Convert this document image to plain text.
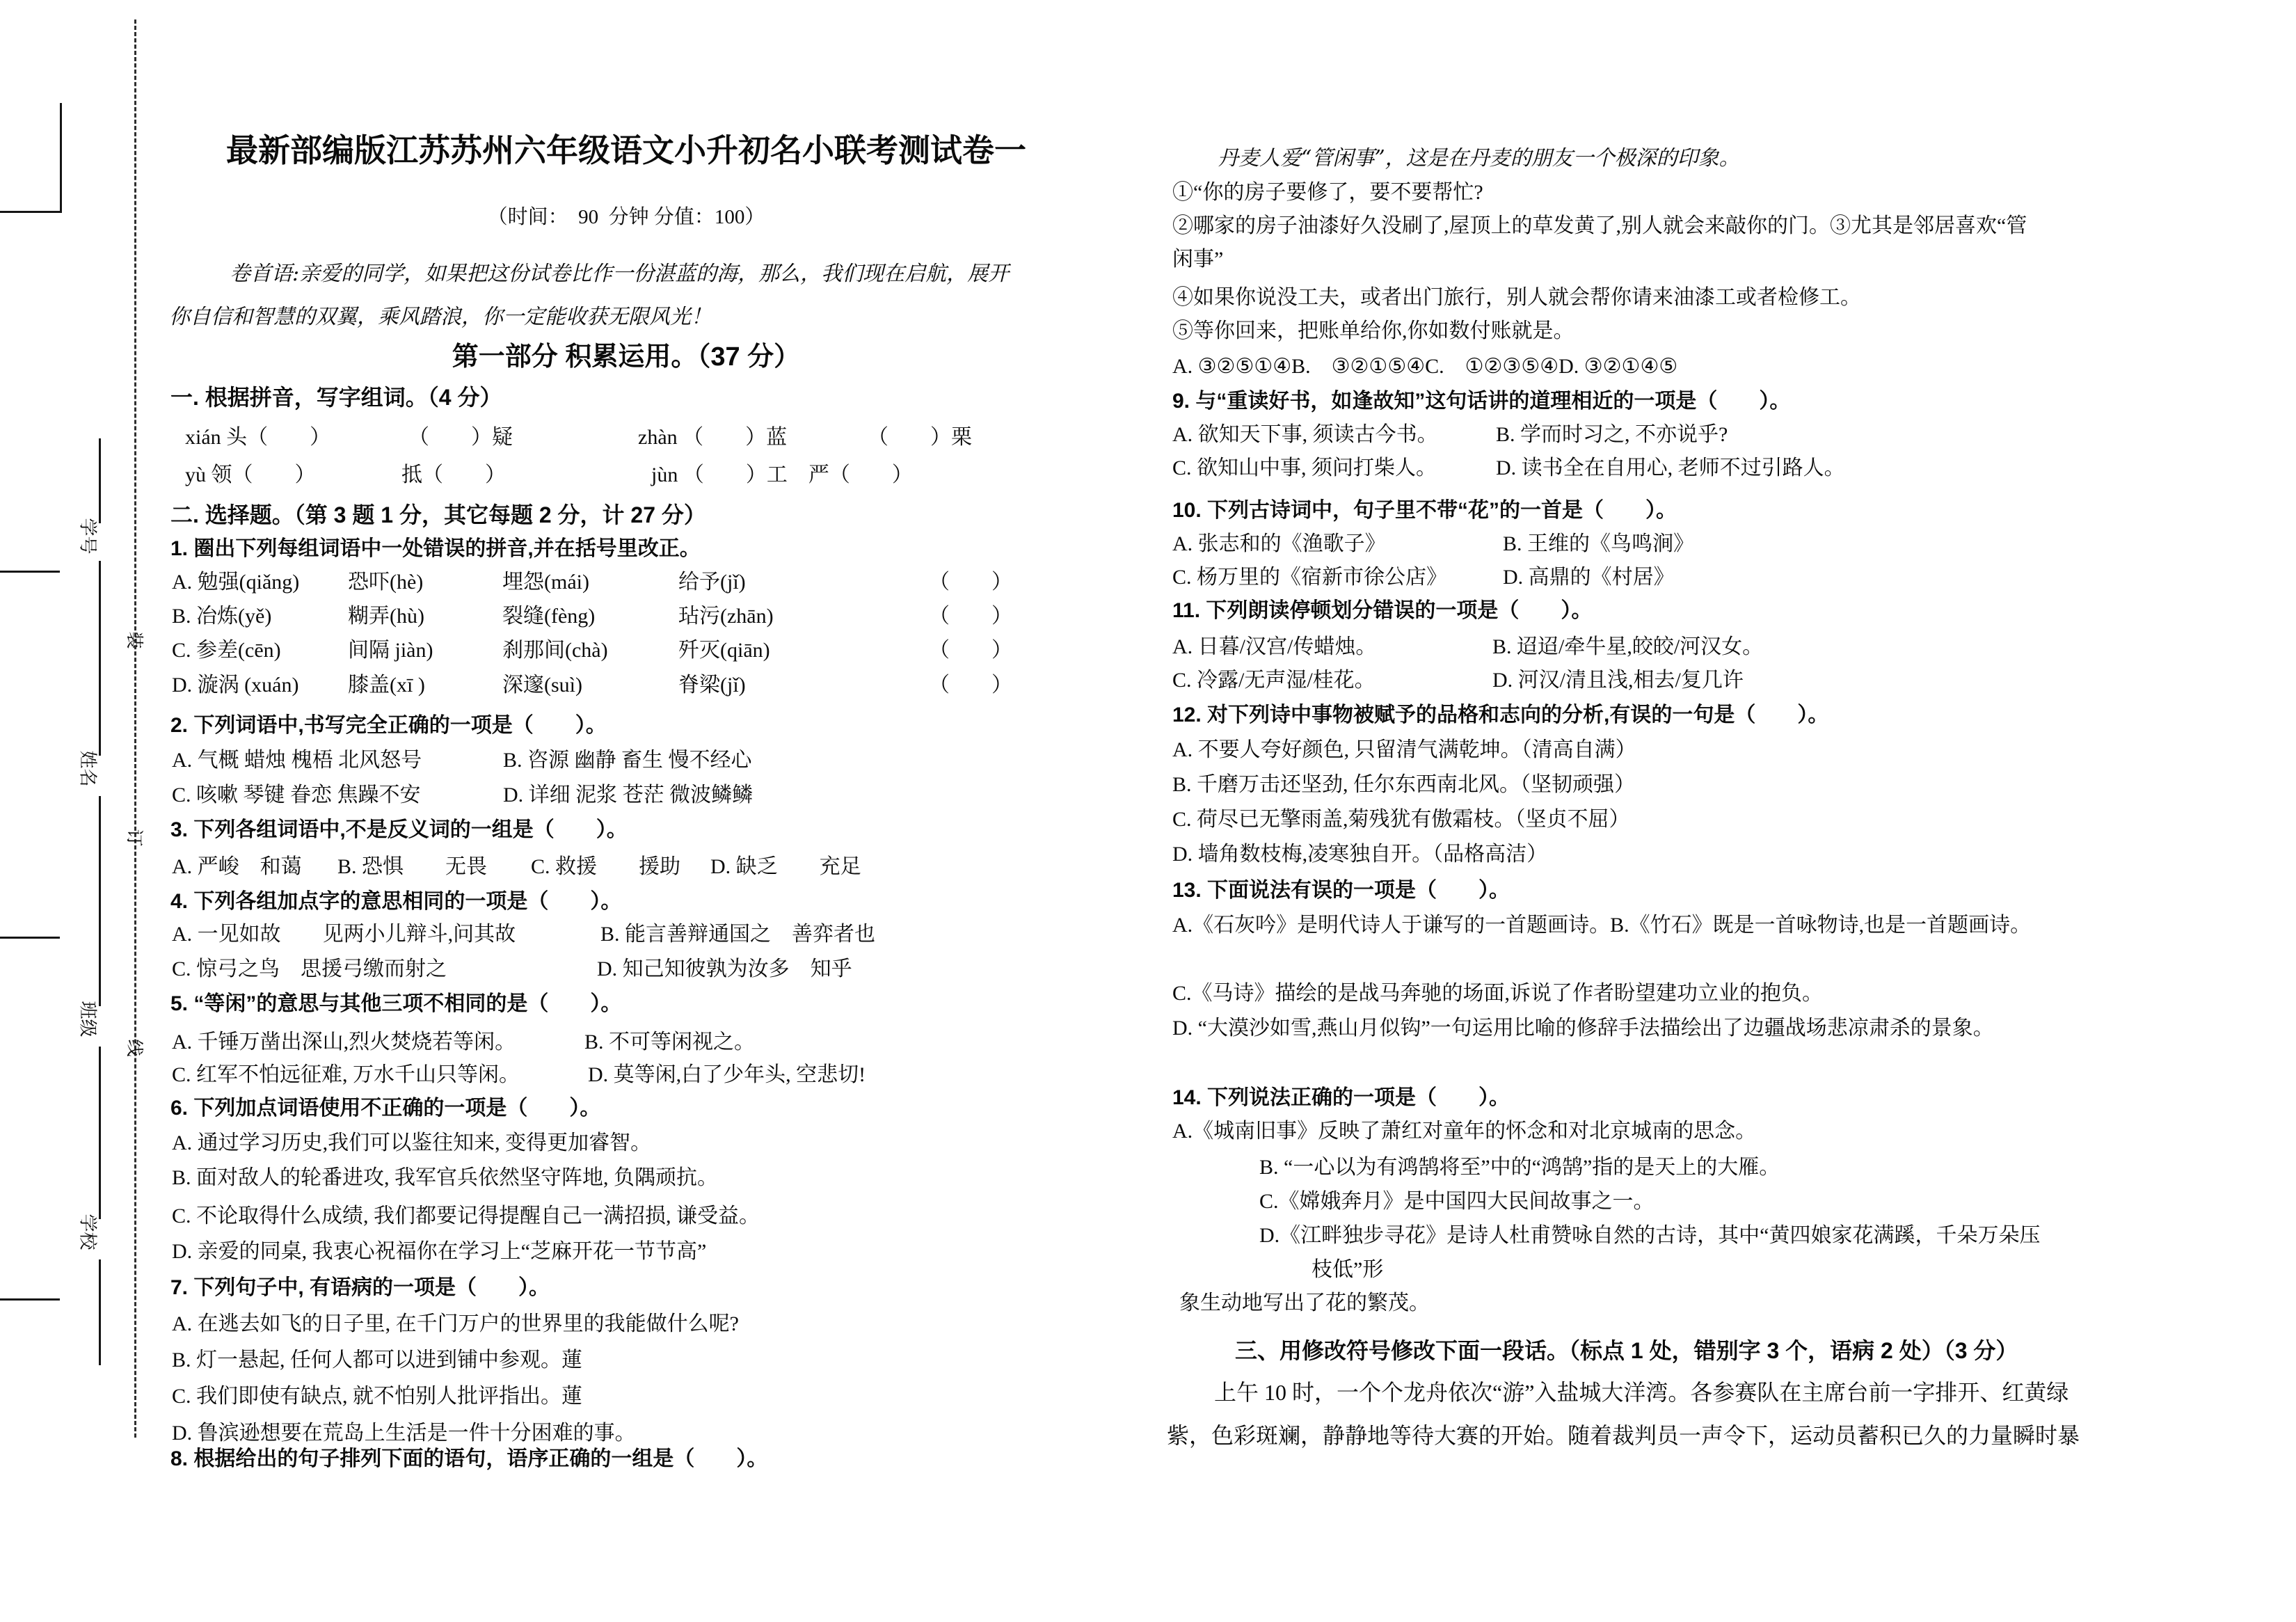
学号
姓名
班级
学校
装
订
线
最新部编版江苏苏州六年级语文小升初名小联考测试卷一
（时间：  90  分钟 分值：100）
卷首语:亲爱的同学，如果把这份试卷比作一份湛蓝的海，那么，我们现在启航，展开
你自信和智慧的双翼，乘风踏浪，你一定能收获无限风光！
第一部分 积累运用。（37 分）
一. 根据拼音，写字组词。（4 分）
xián 头（　　）	（　　）疑	zhàn （　　）蓝	（　　）栗
yù 领（　　）	抵（　　）	jùn （　　）工　严（　　）
二. 选择题。（第 3 题 1 分，其它每题 2 分，计 27 分）
1. 圈出下列每组词语中一处错误的拼音,并在括号里改正。
A. 勉强(qiǎng) 恐吓(hè)	埋怨(mái)	给予(jǐ)	（　　）
B. 冶炼(yě)	糊弄(hù)	裂缝(fèng)	玷污(zhān)	（　　）
C. 参差(cēn)	间隔 jiàn)	刹那间(chà)	歼灭(qiān)	（　　）
D. 漩涡 (xuán) 膝盖(xī )	深邃(suì)	脊梁(jǐ)	（　　）
2. 下列词语中,书写完全正确的一项是（　　）。
A. 气概 蜡烛 槐梧 北风怒号	B. 咨源 幽静 畜生 慢不经心
C. 咳嗽 琴键 眷恋 焦躁不安	D. 详细 泥浆 苍茫 微波鳞鳞
3. 下列各组词语中,不是反义词的一组是（　　）。
A. 严峻　和蔼 B. 恐惧　　无畏 C. 救援　　援助 D. 缺乏　　充足
4. 下列各组加点字的意思相同的一项是（　　）。
A. 一见如故　　见两小儿辩斗,问其故	B. 能言善辩通国之　善弈者也
C. 惊弓之鸟　思援弓缴而射之	D. 知己知彼孰为汝多　知乎
5. “等闲”的意思与其他三项不相同的是（　　）。
A. 千锤万凿出深山,烈火焚烧若等闲。	B. 不可等闲视之。
C. 红军不怕远征难, 万水千山只等闲。	D. 莫等闲,白了少年头, 空悲切!
6. 下列加点词语使用不正确的一项是（　　）。
A. 通过学习历史,我们可以鉴往知来, 变得更加睿智。
B. 面对敌人的轮番进攻, 我军官兵依然坚守阵地, 负隅顽抗。
C. 不论取得什么成绩, 我们都要记得提醒自己一满招损, 谦受益。
D. 亲爱的同桌, 我衷心祝福你在学习上“芝麻开花一节节高”
7. 下列句子中, 有语病的一项是（　　）。
A. 在逃去如飞的日子里, 在千门万户的世界里的我能做什么呢?
B. 灯一悬起, 任何人都可以进到铺中参观。蓮
C. 我们即使有缺点, 就不怕别人批评指出。蓮
D. 鲁滨逊想要在荒岛上生活是一件十分困难的事。
8. 根据给出的句子排列下面的语句，语序正确的一组是（　　）。
丹麦人爱“管闲事”，这是在丹麦的朋友一个极深的印象。
①“你的房子要修了，要不要帮忙?
②哪家的房子油漆好久没刷了,屋顶上的草发黄了,别人就会来敲你的门。③尤其是邻居喜欢“管
闲事”
④如果你说没工夫，或者出门旅行，别人就会帮你请来油漆工或者检修工。
⑤等你回来，把账单给你,你如数付账就是。
A. ③②⑤①④B.　③②①⑤④C.　①②③⑤④D. ③②①④⑤
9. 与“重读好书，如逢故知”这句话讲的道理相近的一项是（　　）。
A. 欲知天下事, 须读古今书。	B. 学而时习之, 不亦说乎?
C. 欲知山中事, 须问打柴人。	D. 读书全在自用心, 老师不过引路人。
10. 下列古诗词中，句子里不带“花”的一首是（　　）。
A. 张志和的《渔歌子》	B. 王维的《鸟鸣涧》
C. 杨万里的《宿新市徐公店》	D. 高鼎的《村居》
11. 下列朗读停顿划分错误的一项是（　　）。
A. 日暮/汉宫/传蜡烛。	B. 迢迢/牵牛星,皎皎/河汉女。
C. 冷露/无声湿/桂花。	D. 河汉/清且浅,相去/复几许
12. 对下列诗中事物被赋予的品格和志向的分析,有误的一句是（　　）。
A. 不要人夸好颜色, 只留清气满乾坤。（清高自满）
B. 千磨万击还坚劲, 任尔东西南北风。（坚韧顽强）
C. 荷尽已无擎雨盖,菊残犹有傲霜枝。（坚贞不屈）
D. 墙角数枝梅,凌寒独自开。（品格高洁）
13. 下面说法有误的一项是（　　）。
A.《石灰吟》是明代诗人于谦写的一首题画诗。B.《竹石》既是一首咏物诗,也是一首题画诗。
C.《马诗》描绘的是战马奔驰的场面,诉说了作者盼望建功立业的抱负。
D. “大漠沙如雪,燕山月似钩”一句运用比喻的修辞手法描绘出了边疆战场悲凉肃杀的景象。
14. 下列说法正确的一项是（　　）。
A.《城南旧事》反映了萧红对童年的怀念和对北京城南的思念。
B. “一心以为有鸿鹄将至”中的“鸿鹄”指的是天上的大雁。
C.《嫦娥奔月》是中国四大民间故事之一。
D.《江畔独步寻花》是诗人杜甫赞咏自然的古诗，其中“黄四娘家花满蹊，千朵万朵压
枝低”形
象生动地写出了花的繁茂。
三、用修改符号修改下面一段话。（标点 1 处，错别字 3 个，语病 2 处）（3 分）
上午 10 时，一个个龙舟依次“游”入盐城大洋湾。各参赛队在主席台前一字排开、红黄绿
紫，色彩斑斓，静静地等待大赛的开始。随着裁判员一声令下，运动员蓄积已久的力量瞬时暴
